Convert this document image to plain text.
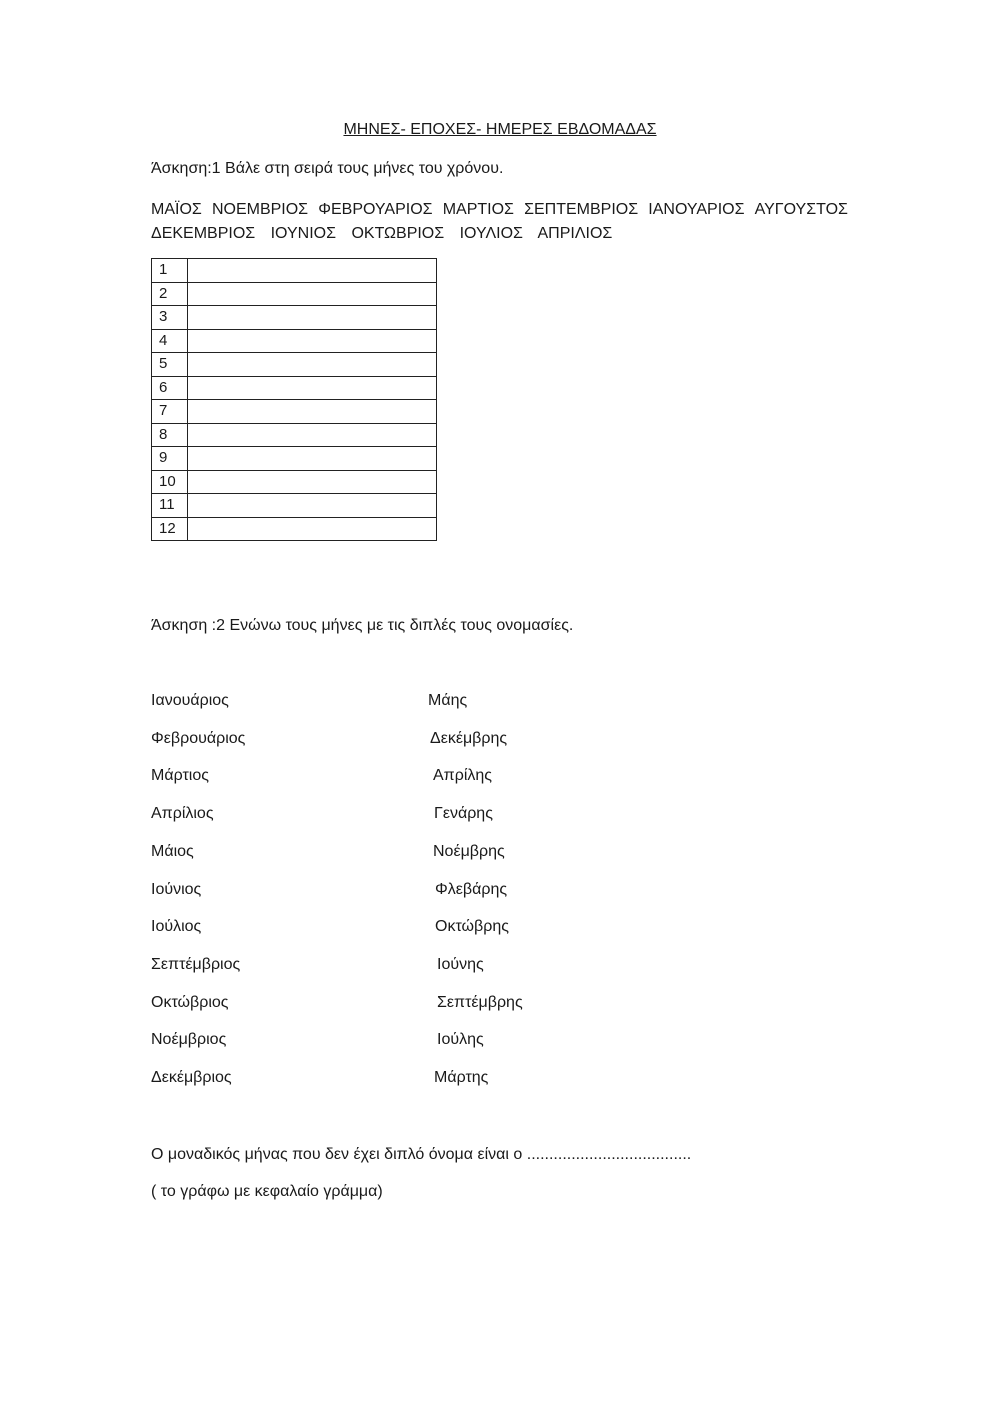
ΜΗΝΕΣ- ΕΠΟΧΕΣ- ΗΜΕΡΕΣ ΕΒΔΟΜΑΔΑΣ
Άσκηση:1 Βάλε στη σειρά τους μήνες του χρόνου.
ΜΑΪΟΣ ΝΟΕΜΒΡΙΟΣ ΦΕΒΡΟΥΑΡΙΟΣ ΜΑΡΤΙΟΣ ΣΕΠΤΕΜΒΡΙΟΣ ΙΑΝΟΥΑΡΙΟΣ ΑΥΓΟΥΣΤΟΣ
ΔΕΚΕΜΒΡΙΟΣ ΙΟΥΝΙΟΣ ΟΚΤΩΒΡΙΟΣ ΙΟΥΛΙΟΣ ΑΠΡΙΛΙΟΣ
1	
2	
3	
4	
5	
6	
7	
8	
9	
10	
11	
12	
Άσκηση :2 Ενώνω τους μήνες με τις διπλές τους ονομασίες.
Ιανουάριος
Φεβρουάριος
Μάρτιος
Απρίλιος
Μάιος
Ιούνιος
Ιούλιος
Σεπτέμβριος
Οκτώβριος
Νοέμβριος
Δεκέμβριος
Μάης
Δεκέμβρης
Απρίλης
Γενάρης
Νοέμβρης
Φλεβάρης
Οκτώβρης
Ιούνης
Σεπτέμβρης
Ιούλης
Μάρτης
Ο μοναδικός μήνας που δεν έχει διπλό όνομα είναι ο .....................................
( το γράφω με κεφαλαίο γράμμα)
